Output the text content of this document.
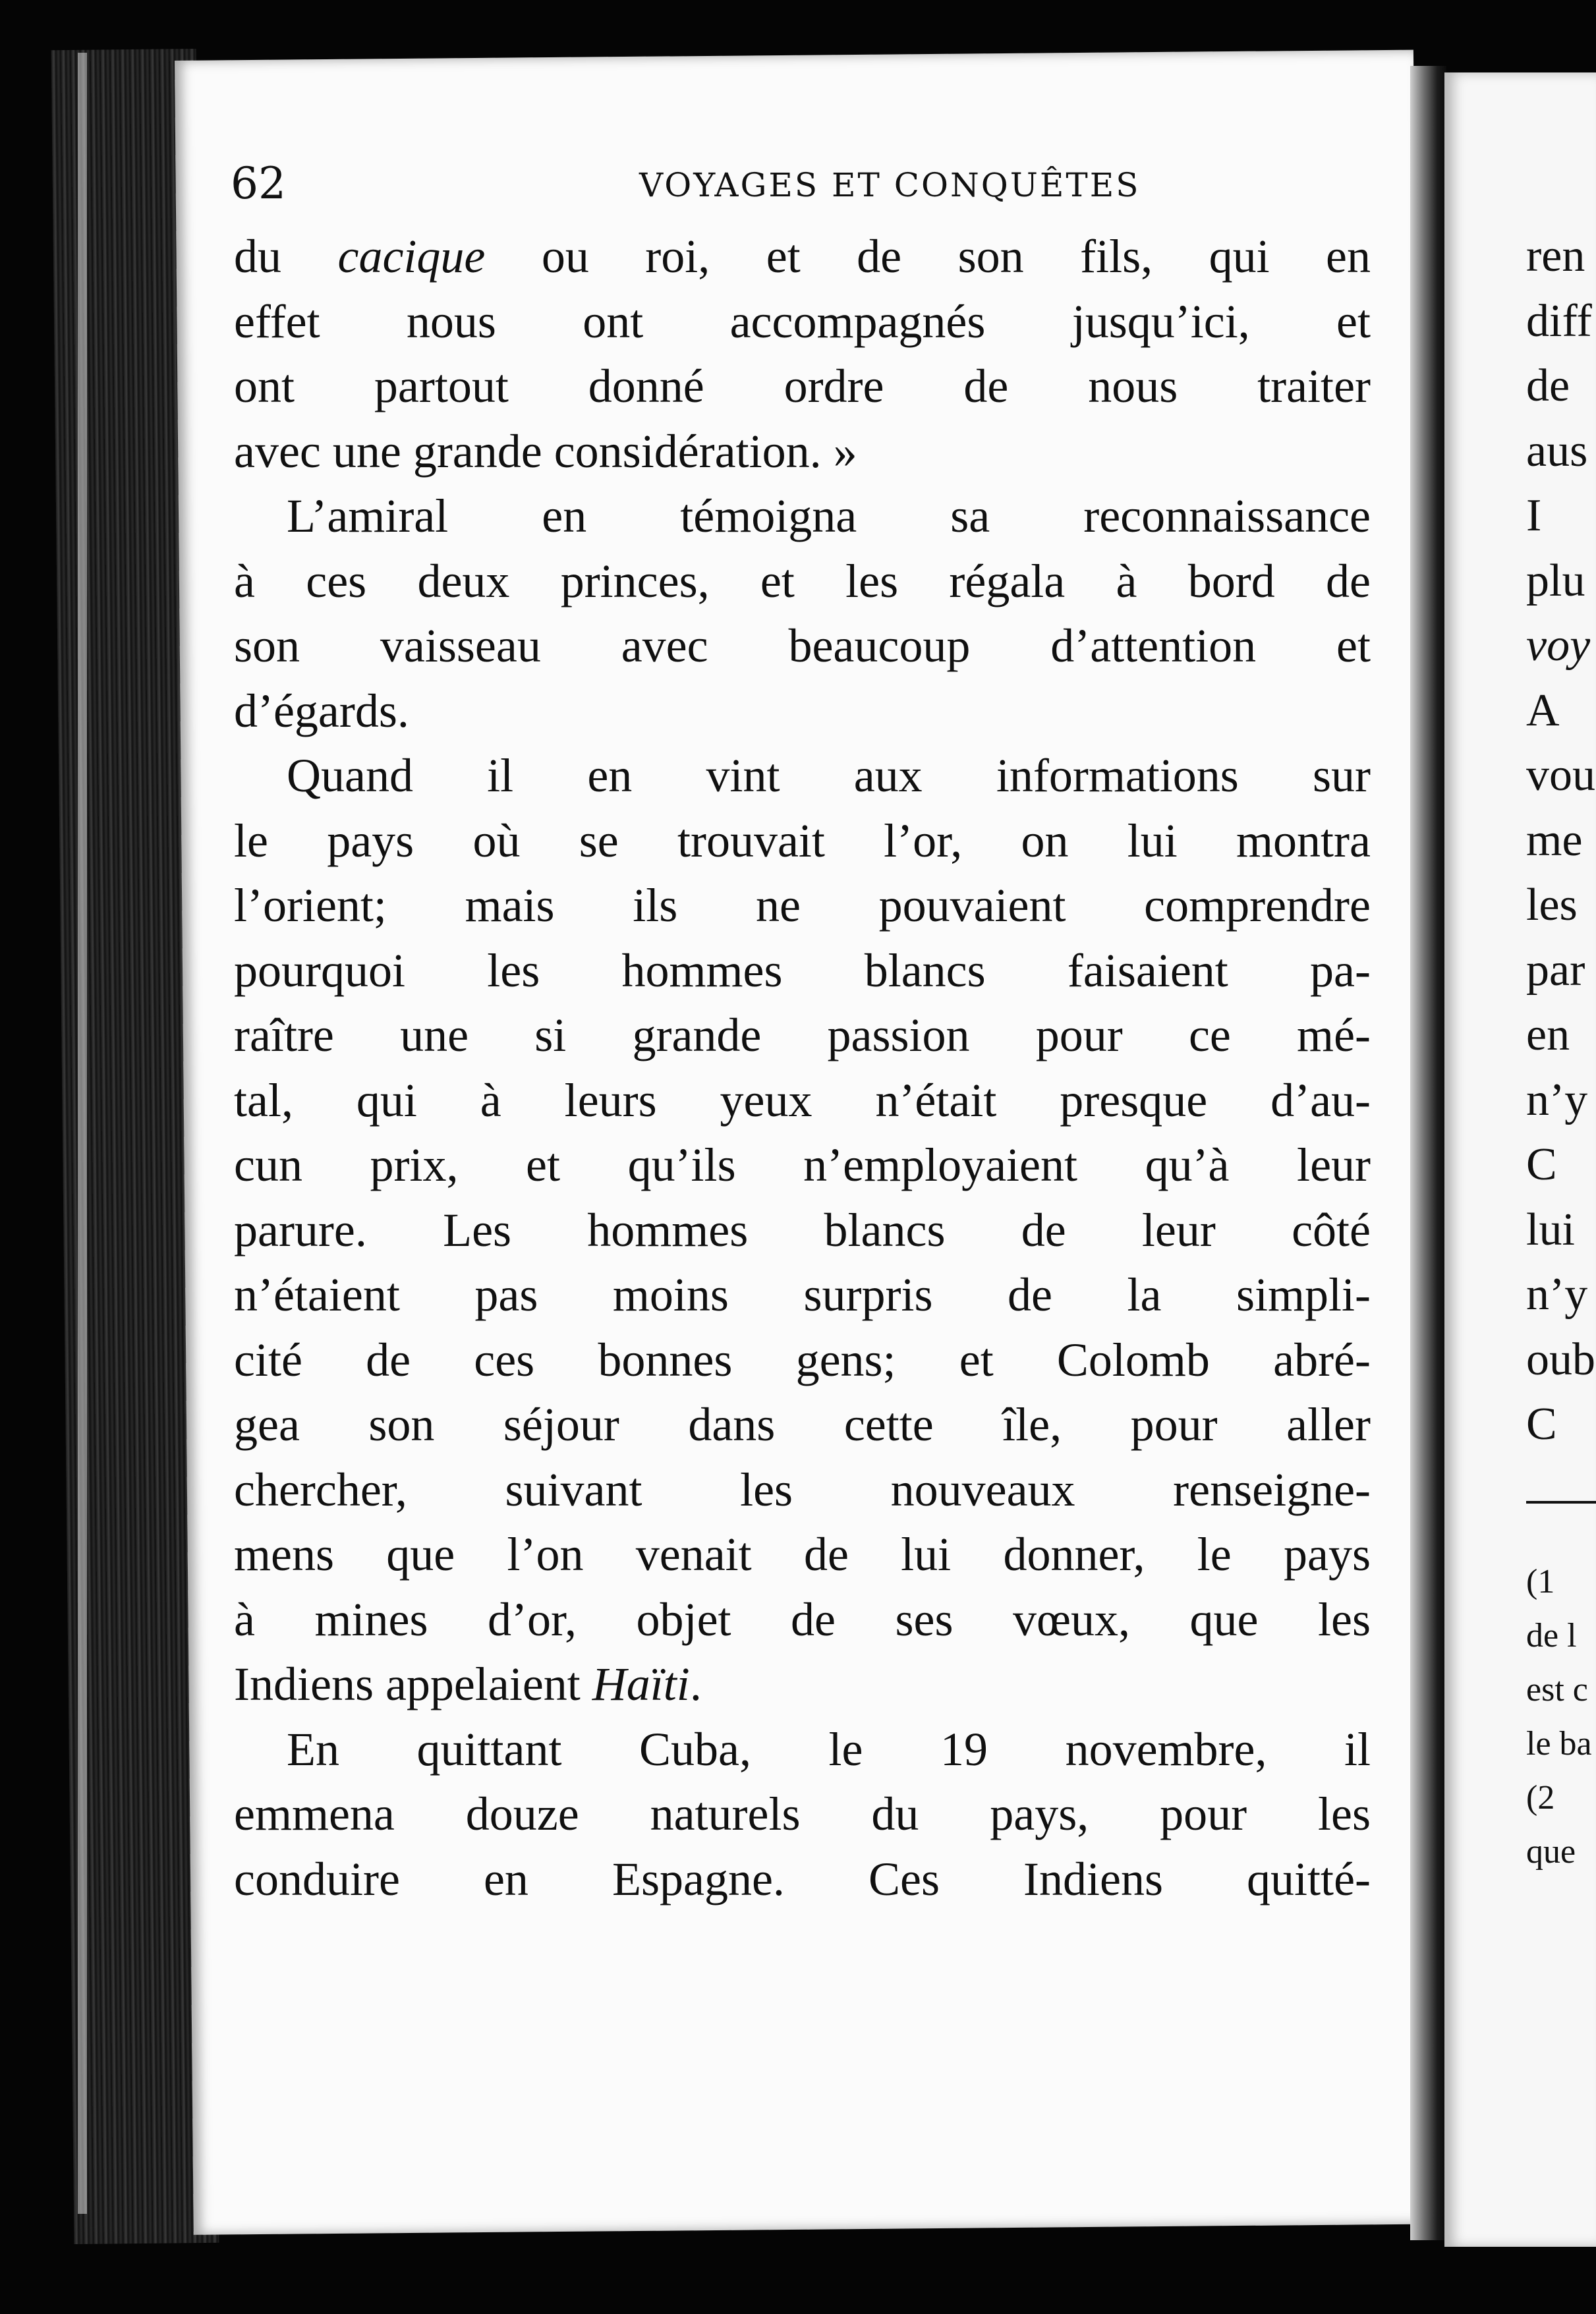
62	VOYAGES ET CONQUÊTES
du cacique ou roi, et de son fils, qui en
effet nous ont accompagnés jusqu’ici, et
ont partout donné ordre de nous traiter
avec une grande considération. »
L’amiral en témoigna sa reconnaissance
à ces deux princes, et les régala à bord de
son vaisseau avec beaucoup d’attention et
d’égards.
Quand il en vint aux informations sur
le pays où se trouvait l’or, on lui montra
l’orient; mais ils ne pouvaient comprendre
pourquoi les hommes blancs faisaient pa-
raître une si grande passion pour ce mé-
tal, qui à leurs yeux n’était presque d’au-
cun prix, et qu’ils n’employaient qu’à leur
parure. Les hommes blancs de leur côté
n’étaient pas moins surpris de la simpli-
cité de ces bonnes gens; et Colomb abré-
gea son séjour dans cette île, pour aller
chercher, suivant les nouveaux renseigne-
mens que l’on venait de lui donner, le pays
à mines d’or, objet de ses vœux, que les
Indiens appelaient Haïti.
En quittant Cuba, le 19 novembre, il
emmena douze naturels du pays, pour les
conduire en Espagne. Ces Indiens quitté-
ren
diff
de
aus
I
plu
voy
A
vou
me
les
par
en
n’y
C
lui
n’y
oub
C
(1
de l
est c
le ba
(2
que
